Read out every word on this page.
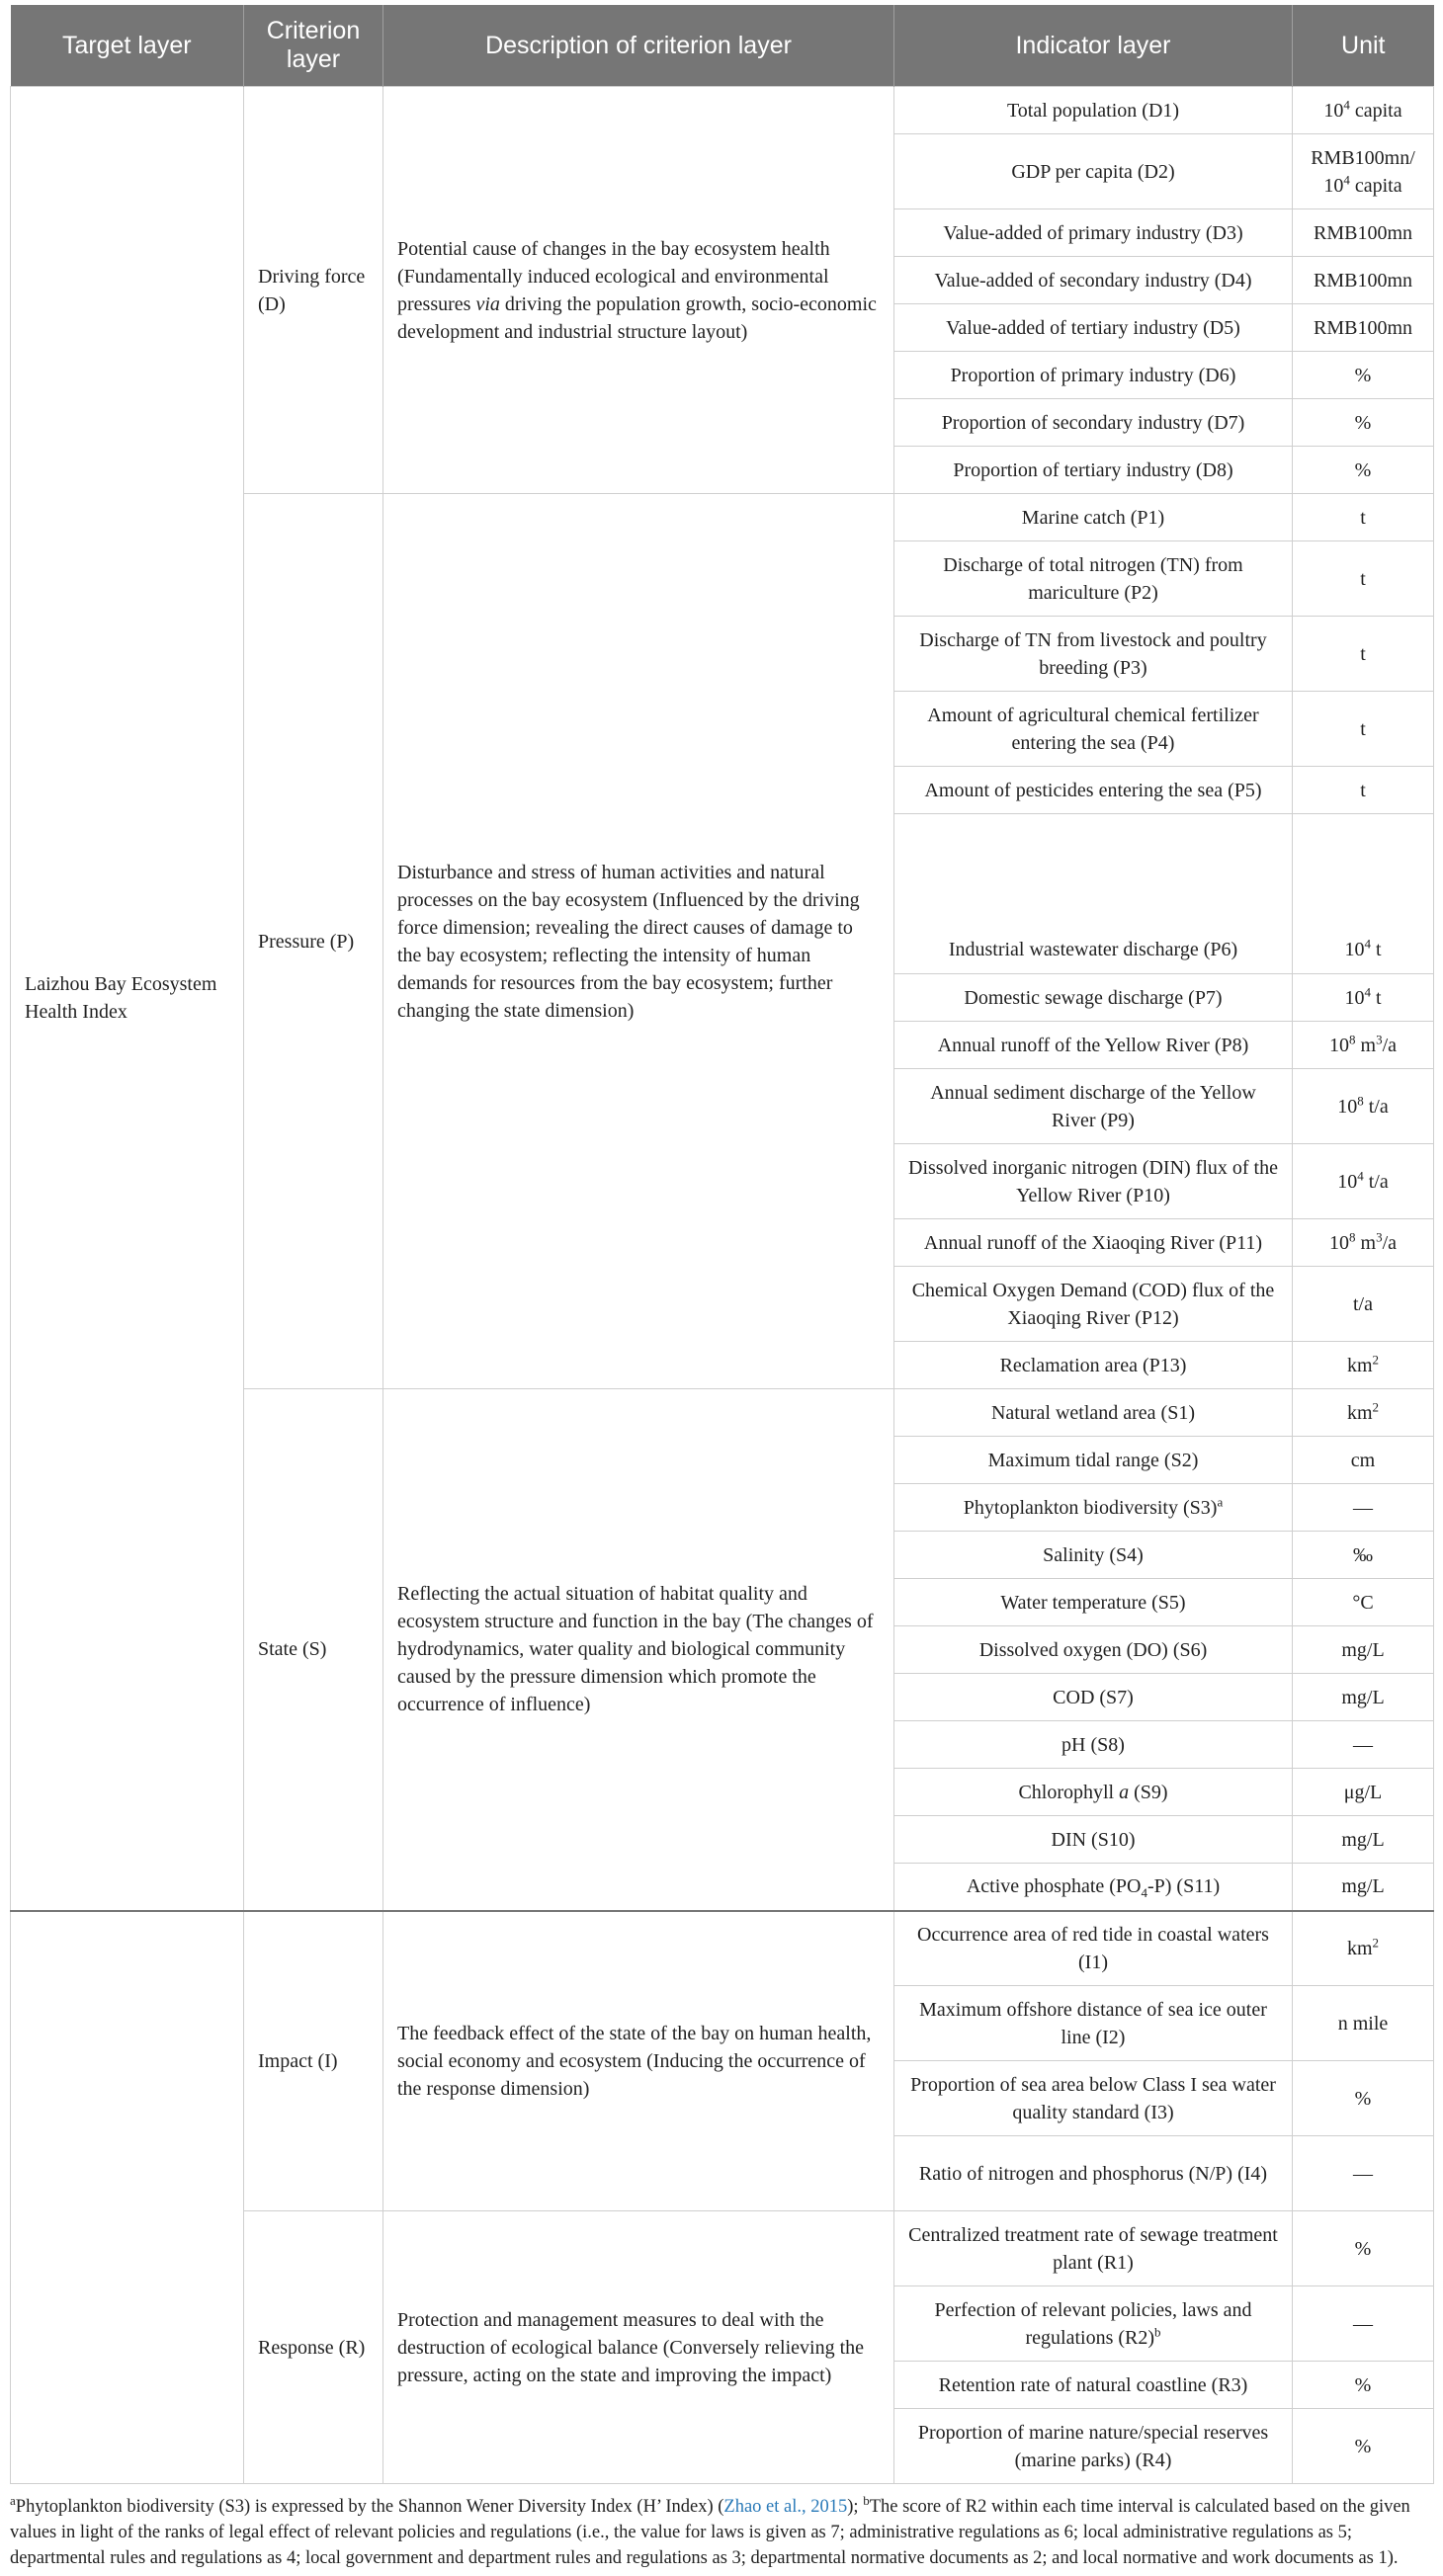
Target layer	Criterion layer	Description of criterion layer	Indicator layer	Unit
Laizhou Bay Ecosystem Health Index	Driving force (D)	Potential cause of changes in the bay ecosystem health (Fundamentally induced ecological and environmental pressures via driving the population growth, socio-economic development and industrial structure layout)	Total population (D1)	$10^4$ capita
			GDP per capita (D2)	RMB100mn/
$10^4$ capita
			Value-added of primary industry (D3)	RMB100mn
			Value-added of secondary industry (D4)	RMB100mn
			Value-added of tertiary industry (D5)	RMB100mn
			Proportion of primary industry (D6)	%
			Proportion of secondary industry (D7)	%
			Proportion of tertiary industry (D8)	%
	Pressure (P)	Disturbance and stress of human activities and natural processes on the bay ecosystem (Influenced by the driving force dimension; revealing the direct causes of damage to the bay ecosystem; reflecting the intensity of human demands for resources from the bay ecosystem; further changing the state dimension)	Marine catch (P1)	t
			Discharge of total nitrogen (TN) from mariculture (P2)	t
			Discharge of TN from livestock and poultry breeding (P3)	t
			Amount of agricultural chemical fertilizer entering the sea (P4)	t
			Amount of pesticides entering the sea (P5)	t
			Industrial wastewater discharge (P6)	$10^4$ t
			Domestic sewage discharge (P7)	$10^4$ t
			Annual runoff of the Yellow River (P8)	$10^8$ $m^3/a$
			Annual sediment discharge of the Yellow River (P9)	$10^8$ t/a
			Dissolved inorganic nitrogen (DIN) flux of the Yellow River (P10)	$10^4$ t/a
			Annual runoff of the Xiaoqing River (P11)	$10^8$ $m^3/a$
			Chemical Oxygen Demand (COD) flux of the Xiaoqing River (P12)	t/a
			Reclamation area (P13)	$km^2$
	State (S)	Reflecting the actual situation of habitat quality and ecosystem structure and function in the bay (The changes of hydrodynamics, water quality and biological community caused by the pressure dimension which promote the occurrence of influence)	Natural wetland area (S1)	$km^2$
			Maximum tidal range (S2)	cm
			Phytoplankton biodiversity $(S3)^a$	—
			Salinity (S4)	‰
			Water temperature (S5)	°C
			Dissolved oxygen (DO) (S6)	mg/L
			COD (S7)	mg/L
			pH (S8)	—
			Chlorophyll a (S9)	μg/L
			DIN (S10)	mg/L
			Active phosphate $(PO_4-P)$ (S11)	mg/L
	Impact (I)	The feedback effect of the state of the bay on human health, social economy and ecosystem (Inducing the occurrence of the response dimension)	Occurrence area of red tide in coastal waters (I1)	$km^2$
			Maximum offshore distance of sea ice outer line (I2)	n mile
			Proportion of sea area below Class I sea water quality standard (I3)	%
			Ratio of nitrogen and phosphorus (N/P) (I4)	—
	Response (R)	Protection and management measures to deal with the destruction of ecological balance (Conversely relieving the pressure, acting on the state and improving the impact)	Centralized treatment rate of sewage treatment plant (R1)	%
			Perfection of relevant policies, laws and regulations $(R2)^b$	—
			Retention rate of natural coastline (R3)	%
			Proportion of marine nature/special reserves (marine parks) (R4)	%
$^a$Phytoplankton biodiversity (S3) is expressed by the Shannon Wener Diversity Index (H’ Index) (Zhao et al., 2015); $^b$The score of R2 within each time interval is calculated based on the given values in light of the ranks of legal effect of relevant policies and regulations (i.e., the value for laws is given as 7; administrative regulations as 6; local administrative regulations as 5; departmental rules and regulations as 4; local government and department rules and regulations as 3; departmental normative documents as 2; and local normative and work documents as 1).
